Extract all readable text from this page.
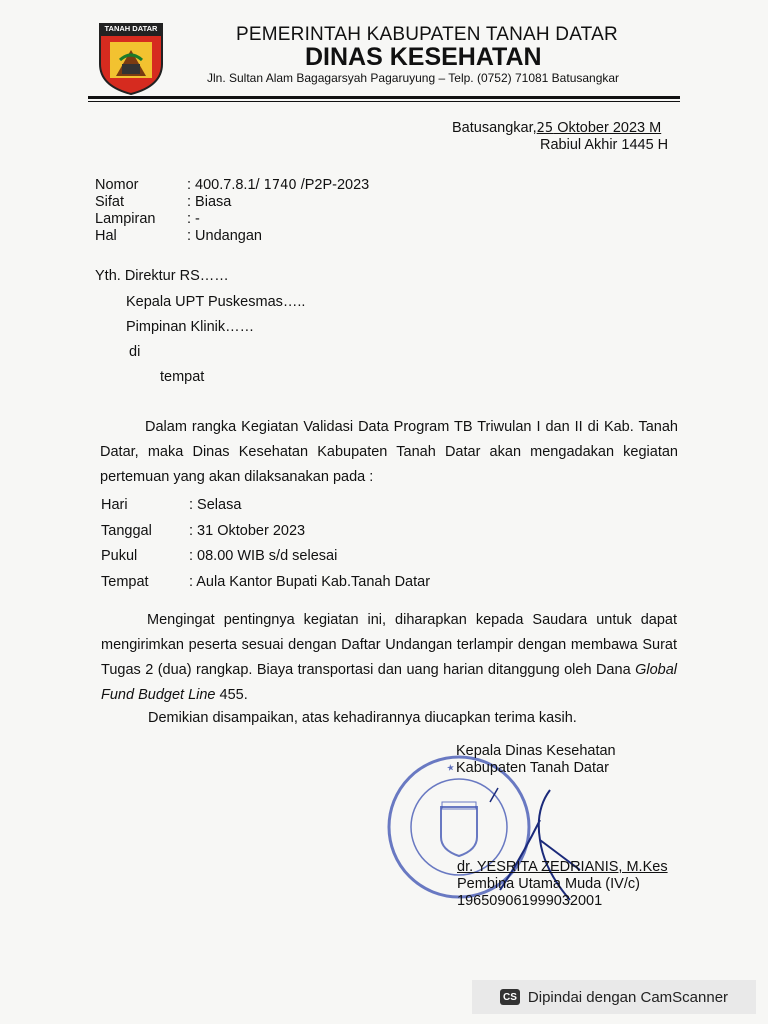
TANAH DATAR	PEMERINTAH KABUPATEN TANAH DATAR
DINAS KESEHATAN
Jln. Sultan Alam Bagagarsyah Pagaruyung – Telp. (0752) 71081 Batusangkar
Batusangkar,25 Oktober 2023 M
Rabiul Akhir 1445 H
Nomor	: 400.7.8.1/ 1740 /P2P-2023
Sifat	: Biasa
Lampiran : -
Hal	: Undangan
Yth. Direktur RS……
Kepala UPT Puskesmas…..
Pimpinan Klinik……
di
tempat
Dalam rangka Kegiatan Validasi Data Program TB Triwulan I dan II di Kab. Tanah Datar, maka Dinas Kesehatan Kabupaten Tanah Datar akan mengadakan kegiatan pertemuan yang akan dilaksanakan pada :
Hari	: Selasa
Tanggal	: 31 Oktober 2023
Pukul	: 08.00 WIB s/d selesai
Tempat	: Aula Kantor Bupati Kab.Tanah Datar
Mengingat pentingnya kegiatan ini, diharapkan kepada Saudara untuk dapat mengirimkan peserta sesuai dengan Daftar Undangan terlampir dengan membawa Surat Tugas 2 (dua) rangkap. Biaya transportasi dan uang harian ditanggung oleh Dana Global Fund Budget Line 455.
Demikian disampaikan, atas kehadirannya diucapkan terima kasih.
★
Kepala Dinas Kesehatan
Kabupaten Tanah Datar
dr. YESRITA ZEDRIANIS, M.Kes
Pembina Utama Muda (IV/c)
196509061999032001
CS Dipindai dengan CamScanner
